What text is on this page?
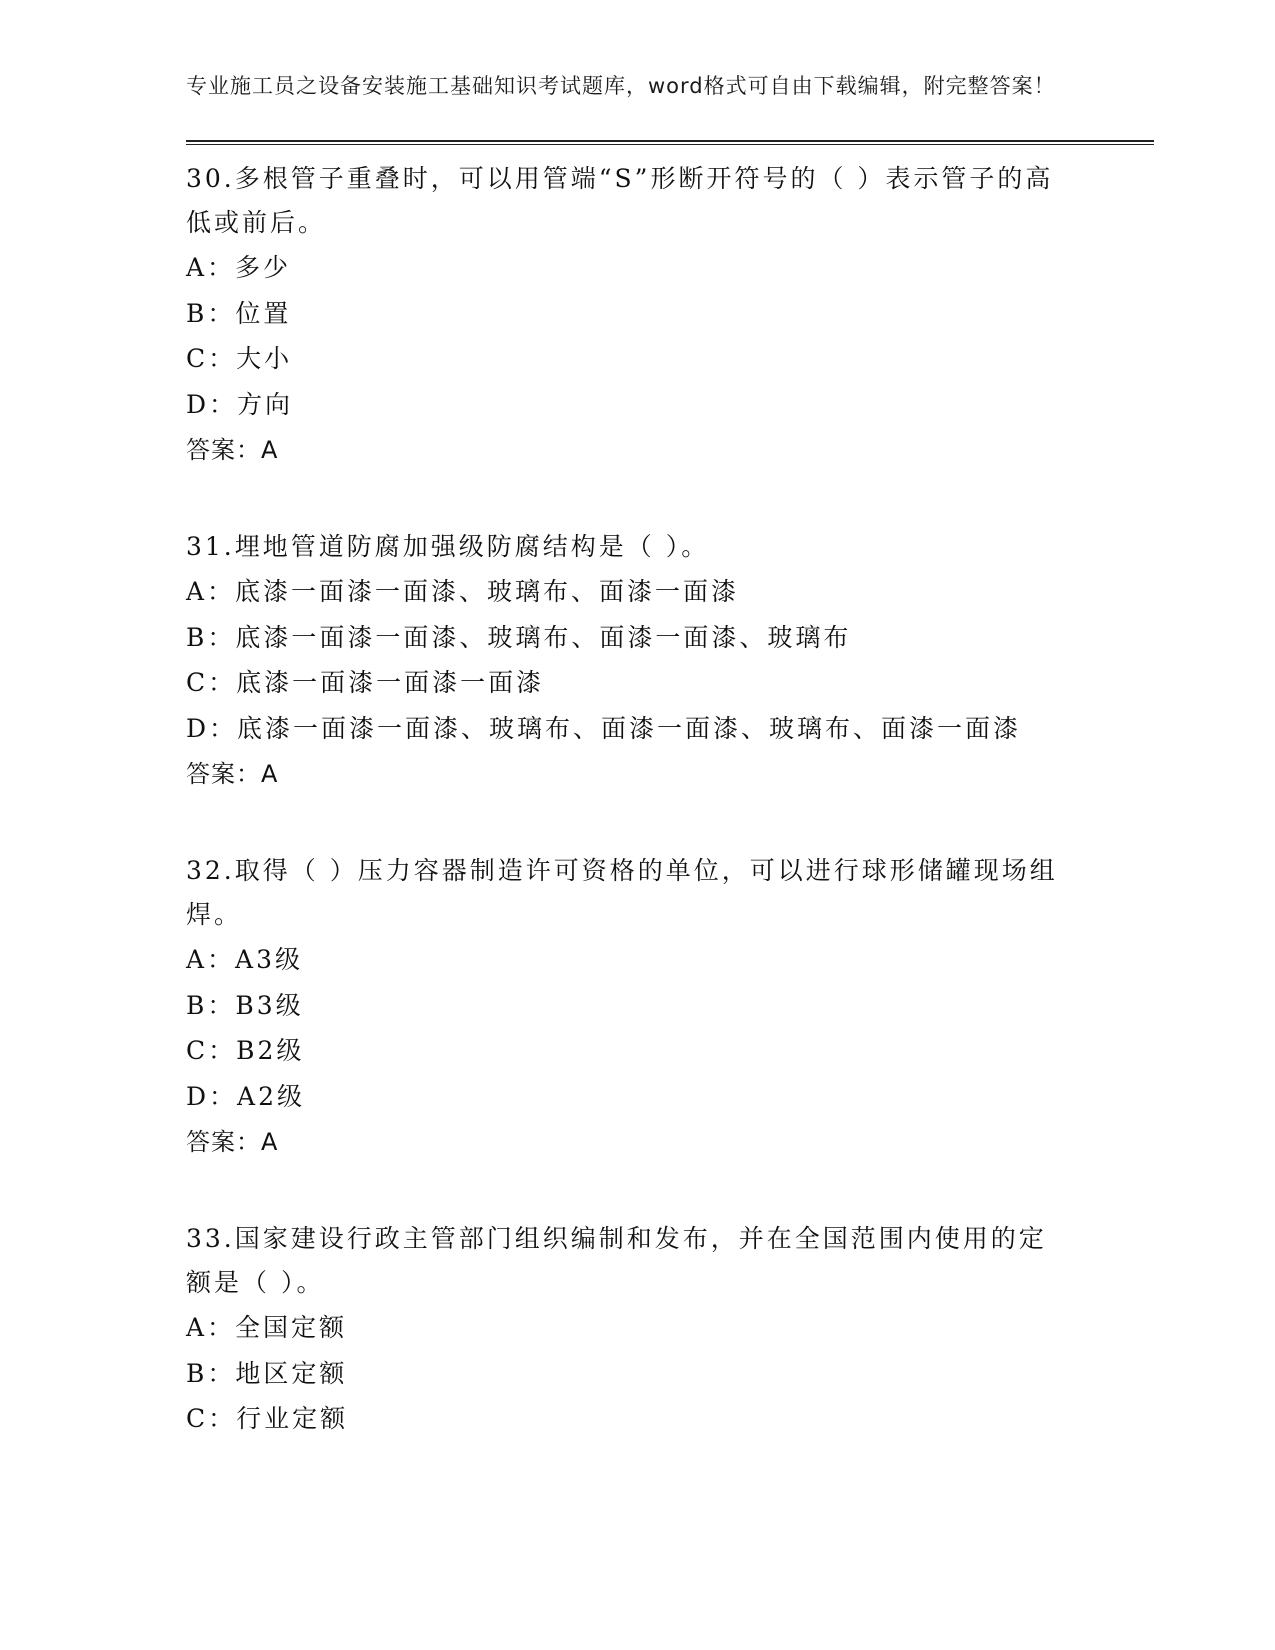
专业施工员之设备安装施工基础知识考试题库，word格式可自由下载编辑，附完整答案！

30.多根管子重叠时，可以用管端“S”形断开符号的（ ）表示管子的高低或前后。

A：多少

B：位置

C：大小

D：方向

答案：A

31.埋地管道防腐加强级防腐结构是（ ）。

A：底漆一面漆一面漆、玻璃布、面漆一面漆

B：底漆一面漆一面漆、玻璃布、面漆一面漆、玻璃布

C：底漆一面漆一面漆一面漆

D：底漆一面漆一面漆、玻璃布、面漆一面漆、玻璃布、面漆一面漆

答案：A

32.取得（ ）压力容器制造许可资格的单位，可以进行球形储罐现场组焊。

A：A3级

B：B3级

C：B2级

D：A2级

答案：A

33.国家建设行政主管部门组织编制和发布，并在全国范围内使用的定额是（ ）。

A：全国定额

B：地区定额

C：行业定额
